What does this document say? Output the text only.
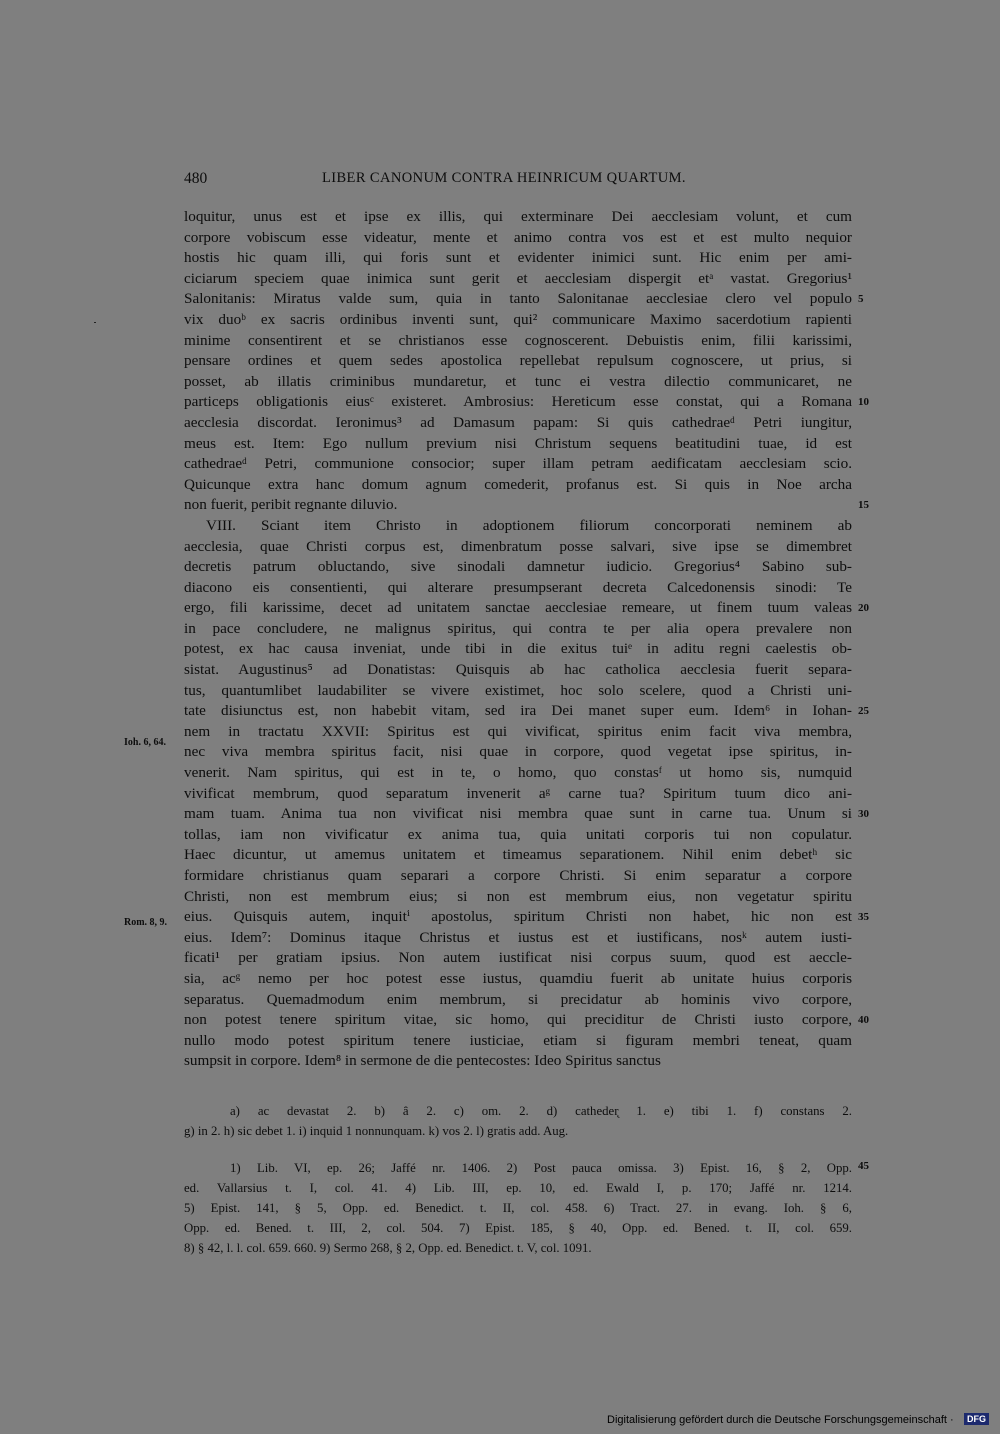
480	LIBER CANONUM CONTRA HEINRICUM QUARTUM.
loquitur, unus est et ipse ex illis, qui exterminare Dei aecclesiam volunt, et cum
corpore vobiscum esse videatur, mente et animo contra vos est et est multo nequior
hostis hic quam illi, qui foris sunt et evidenter inimici sunt. Hic enim per ami-
ciciarum speciem quae inimica sunt gerit et aecclesiam dispergit etᵃ vastat. Gregorius¹
Salonitanis: Miratus valde sum, quia in tanto Salonitanae aecclesiae clero vel populo
vix duoᵇ ex sacris ordinibus inventi sunt, qui² communicare Maximo sacerdotium rapienti
minime consentirent et se christianos esse cognoscerent. Debuistis enim, filii karissimi,
pensare ordines et quem sedes apostolica repellebat repulsum cognoscere, ut prius, si
posset, ab illatis criminibus mundaretur, et tunc ei vestra dilectio communicaret, ne
particeps obligationis eiusᶜ existeret. Ambrosius: Hereticum esse constat, qui a Romana
aecclesia discordat. Ieronimus³ ad Damasum papam: Si quis cathedraeᵈ Petri iungitur,
meus est. Item: Ego nullum previum nisi Christum sequens beatitudini tuae, id est
cathedraeᵈ Petri, communione consocior; super illam petram aedificatam aecclesiam scio.
Quicunque extra hanc domum agnum comederit, profanus est. Si quis in Noe archa
non fuerit, peribit regnante diluvio.
VIII. Sciant item Christo in adoptionem filiorum concorporati neminem ab
aecclesia, quae Christi corpus est, dimenbratum posse salvari, sive ipse se dimembret
decretis patrum obluctando, sive sinodali damnetur iudicio. Gregorius⁴ Sabino sub-
diacono eis consentienti, qui alterare presumpserant decreta Calcedonensis sinodi: Te
ergo, fili karissime, decet ad unitatem sanctae aecclesiae remeare, ut finem tuum valeas
in pace concludere, ne malignus spiritus, qui contra te per alia opera prevalere non
potest, ex hac causa inveniat, unde tibi in die exitus tuiᵉ in aditu regni caelestis ob-
sistat. Augustinus⁵ ad Donatistas: Quisquis ab hac catholica aecclesia fuerit separa-
tus, quantumlibet laudabiliter se vivere existimet, hoc solo scelere, quod a Christi uni-
tate disiunctus est, non habebit vitam, sed ira Dei manet super eum. Idem⁶ in Iohan-
nem in tractatu XXVII: Spiritus est qui vivificat, spiritus enim facit viva membra,
nec viva membra spiritus facit, nisi quae in corpore, quod vegetat ipse spiritus, in-
venerit. Nam spiritus, qui est in te, o homo, quo constasᶠ ut homo sis, numquid
vivificat membrum, quod separatum invenerit aᵍ carne tua? Spiritum tuum dico ani-
mam tuam. Anima tua non vivificat nisi membra quae sunt in carne tua. Unum si
tollas, iam non vivificatur ex anima tua, quia unitati corporis tui non copulatur.
Haec dicuntur, ut amemus unitatem et timeamus separationem. Nihil enim debetʰ sic
formidare christianus quam separari a corpore Christi. Si enim separatur a corpore
Christi, non est membrum eius; si non est membrum eius, non vegetatur spiritu
eius. Quisquis autem, inquitⁱ apostolus, spiritum Christi non habet, hic non est
eius. Idem⁷: Dominus itaque Christus et iustus est et iustificans, nosᵏ autem iusti-
ficati¹ per gratiam ipsius. Non autem iustificat nisi corpus suum, quod est aeccle-
sia, acᵍ nemo per hoc potest esse iustus, quamdiu fuerit ab unitate huius corporis
separatus. Quemadmodum enim membrum, si precidatur ab hominis vivo corpore,
non potest tenere spiritum vitae, sic homo, qui preciditur de Christi iusto corpore,
nullo modo potest spiritum tenere iusticiae, etiam si figuram membri teneat, quam
sumpsit in corpore. Idem⁸ in sermone de die pentecostes: Ideo Spiritus sanctus
5
10
15
20
25
30
35
40
45
Ioh. 6, 64.
Rom. 8, 9.
a) ac devastat 2. b) ȃ 2. c) om. 2. d) catheder̨ 1. e) tibi 1. f) constans 2.
g) in 2. h) sic debet 1. i) inquid 1 nonnunquam. k) vos 2. l) gratis add. Aug.
1) Lib. VI, ep. 26; Jaffé nr. 1406. 2) Post pauca omissa. 3) Epist. 16, § 2, Opp.
ed. Vallarsius t. I, col. 41. 4) Lib. III, ep. 10, ed. Ewald I, p. 170; Jaffé nr. 1214.
5) Epist. 141, § 5, Opp. ed. Benedict. t. II, col. 458. 6) Tract. 27. in evang. Ioh. § 6,
Opp. ed. Bened. t. III, 2, col. 504. 7) Epist. 185, § 40, Opp. ed. Bened. t. II, col. 659.
8) § 42, l. l. col. 659. 660. 9) Sermo 268, § 2, Opp. ed. Benedict. t. V, col. 1091.
Digitalisierung gefördert durch die Deutsche Forschungsgemeinschaft ·	DFG
